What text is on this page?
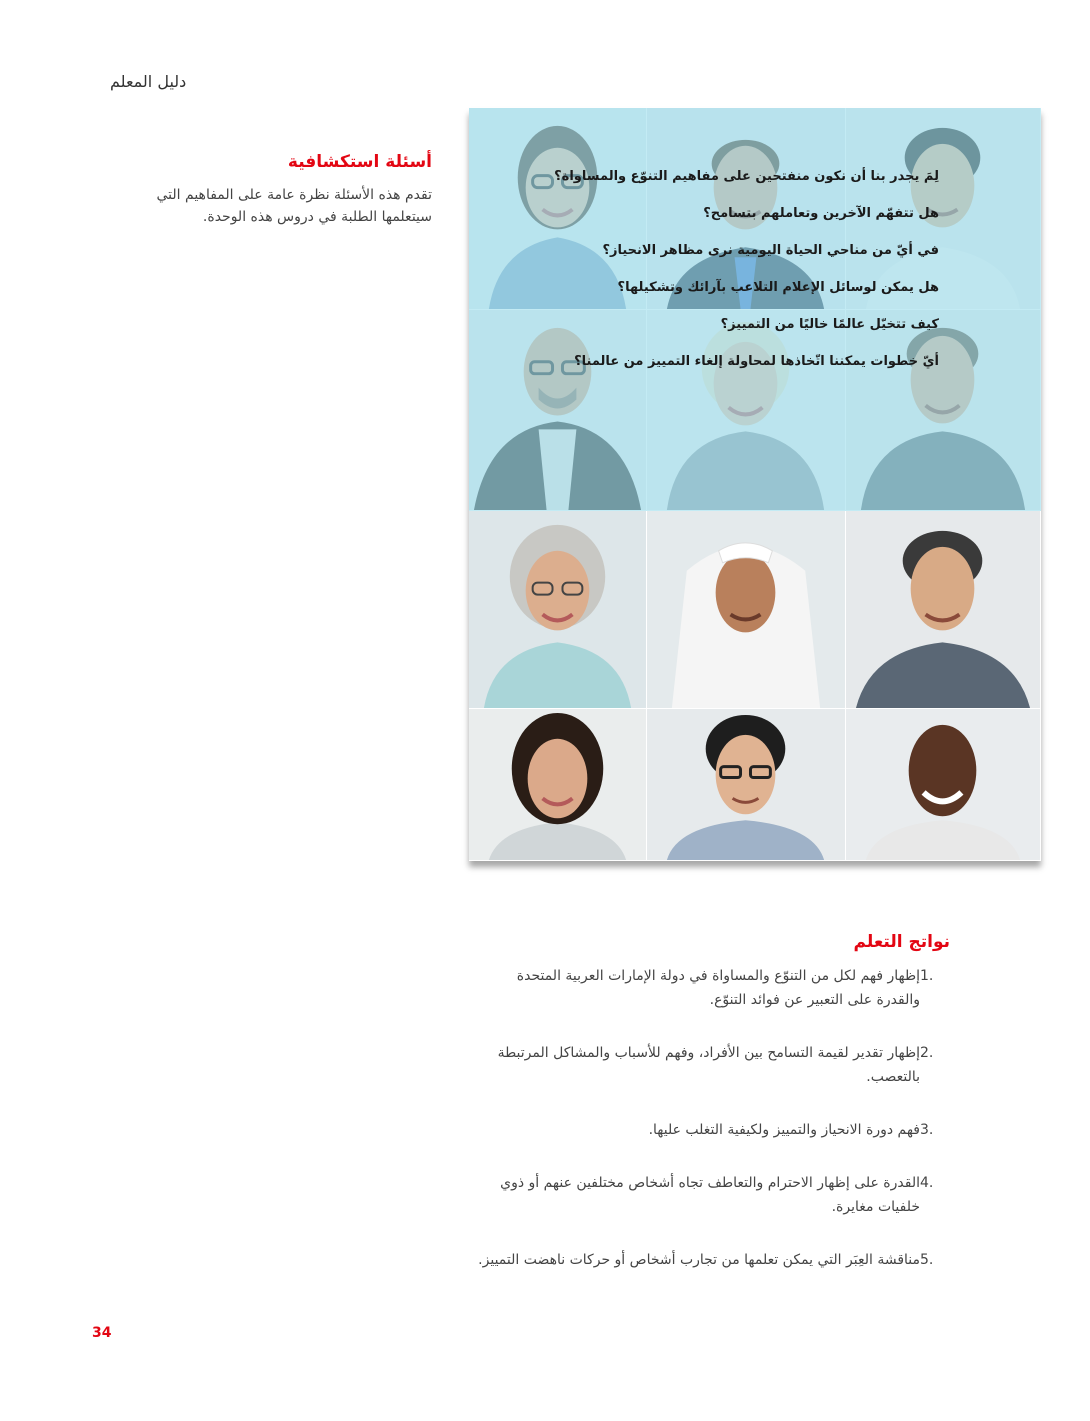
دليل المعلم
أسئلة استكشافية

تقدم هذه الأسئلة نظرة عامة على المفاهيم التي سيتعلمها الطلبة في دروس هذه الوحدة.

لِمَ يجدر بنا أن نكون منفتحين على مفاهيم التنوّع والمساواة؟
هل تتفهّم الآخرين وتعاملهم بتسامح؟
في أيّ من مناحي الحياة اليومية نرى مظاهر الانحياز؟
هل يمكن لوسائل الإعلام التلاعب بآرائك وتشكيلها؟
كيف تتخيّل عالمًا خاليًا من التمييز؟
أيّ خطوات يمكننا اتّخاذها لمحاولة إلغاء التمييز من عالمنا؟
نواتج التعلم
1.
إظهار فهم لكل من التنوّع والمساواة في دولة الإمارات العربية المتحدة والقدرة على التعبير عن فوائد التنوّع.
2.
إظهار تقدير لقيمة التسامح بين الأفراد، وفهم للأسباب والمشاكل المرتبطة بالتعصب.
3.
فهم دورة الانحياز والتمييز ولكيفية التغلب عليها.
4.
القدرة على إظهار الاحترام والتعاطف تجاه أشخاص مختلفين عنهم أو ذوي خلفيات مغايرة.
5.
مناقشة العِبَر التي يمكن تعلمها من تجارب أشخاص أو حركات ناهضت التمييز.
34
